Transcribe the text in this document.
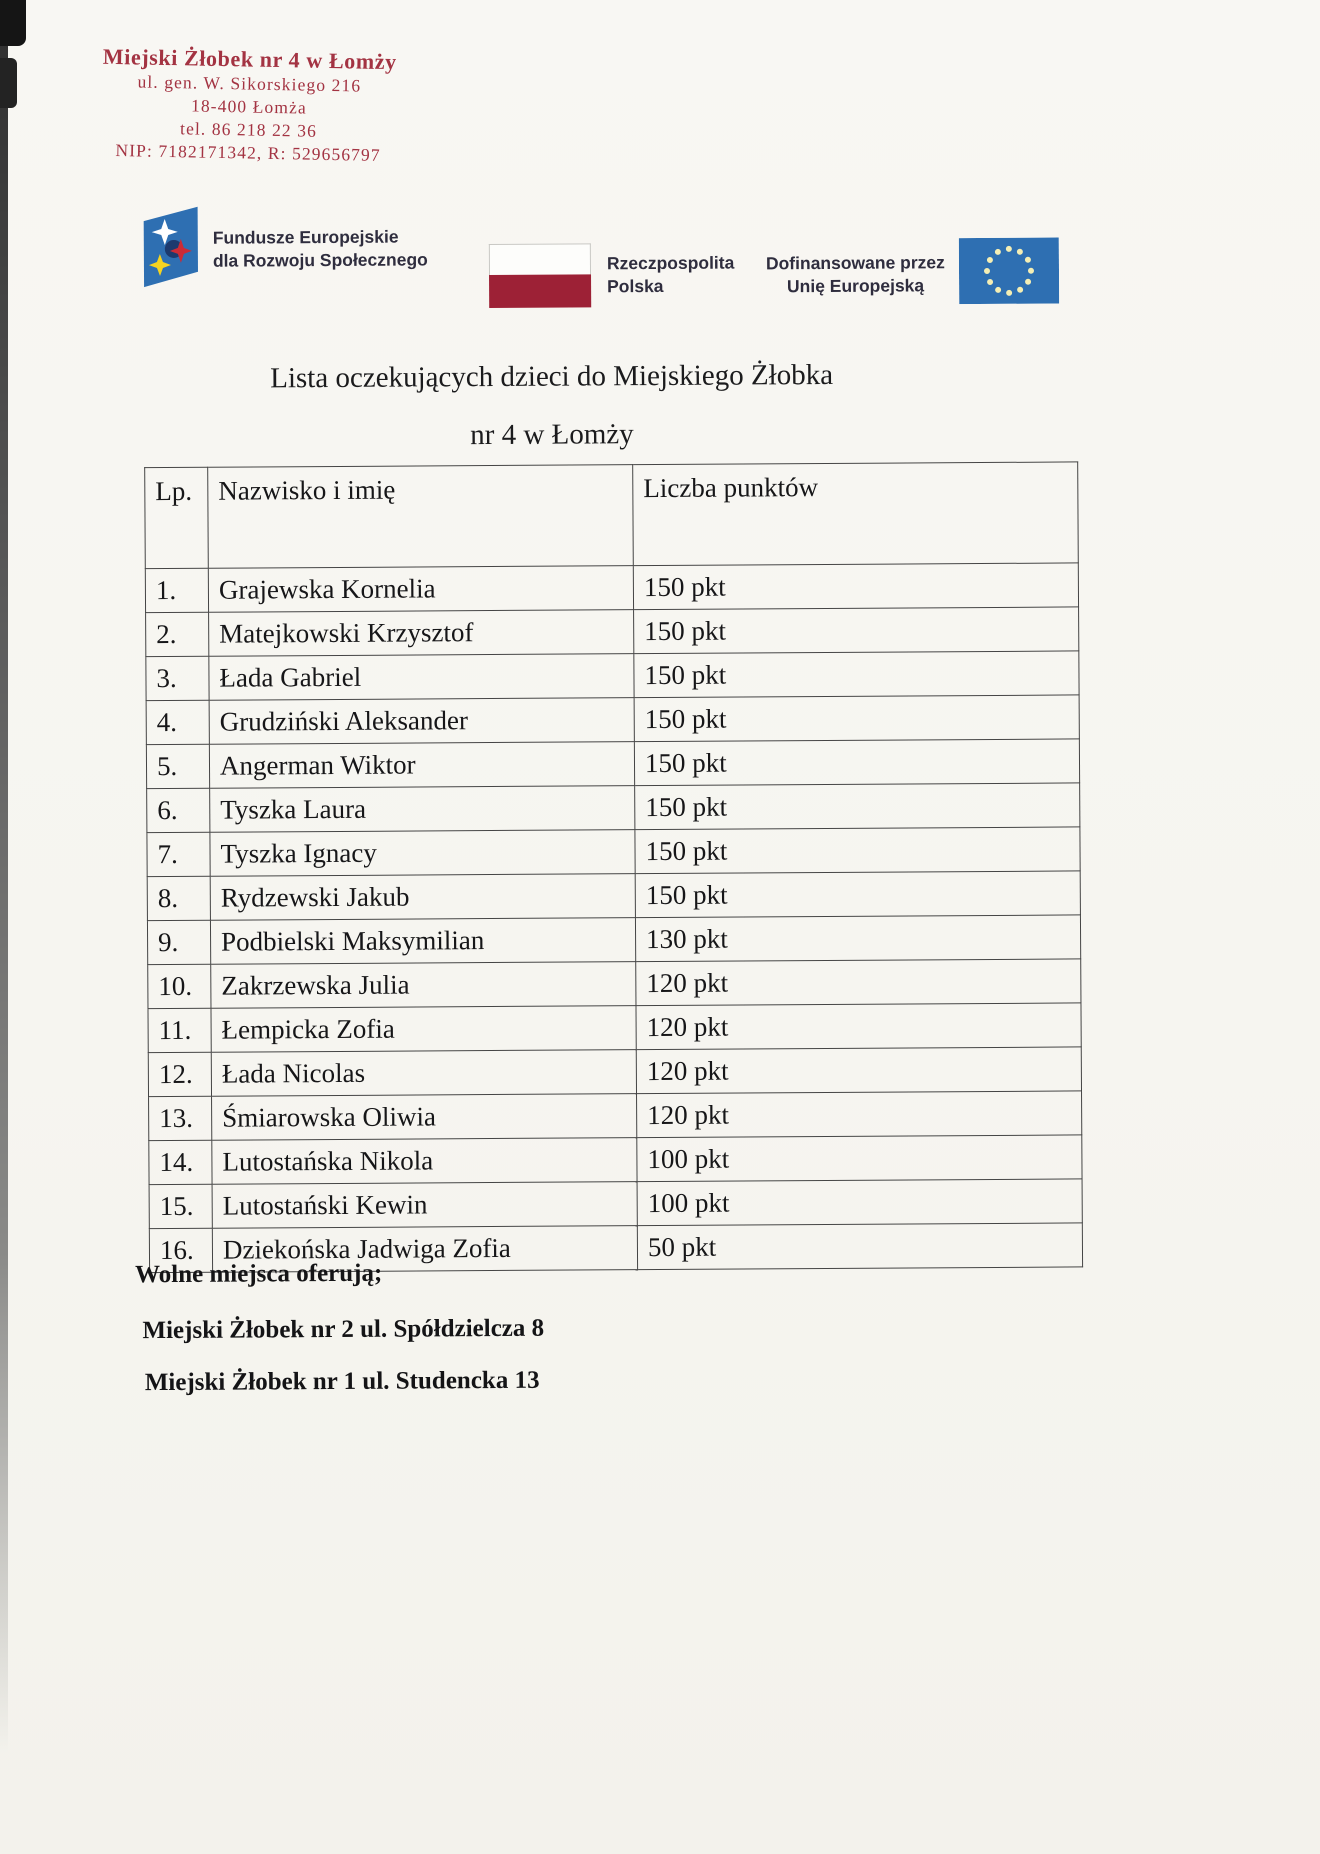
Miejski Żłobek nr 4 w Łomży
ul. gen. W. Sikorskiego 216
18-400 Łomża
tel. 86 218 22 36
NIP: 7182171342, R: 529656797
Fundusze Europejskie
dla Rozwoju Społecznego	Rzeczpospolita
Polska
Dofinansowane przez
Unię Europejską
Lista oczekujących dzieci do Miejskiego Żłobka
nr 4 w Łomży
Lp.	Nazwisko i imię	Liczba punktów
1.	Grajewska Kornelia	150 pkt
2.	Matejkowski Krzysztof	150 pkt
3.	Łada Gabriel	150 pkt
4.	Grudziński Aleksander	150 pkt
5.	Angerman Wiktor	150 pkt
6.	Tyszka Laura	150 pkt
7.	Tyszka Ignacy	150 pkt
8.	Rydzewski Jakub	150 pkt
9.	Podbielski Maksymilian	130 pkt
10.	Zakrzewska Julia	120 pkt
11.	Łempicka Zofia	120 pkt
12.	Łada Nicolas	120 pkt
13.	Śmiarowska Oliwia	120 pkt
14.	Lutostańska Nikola	100 pkt
15.	Lutostański Kewin	100 pkt
16.	Dziekońska Jadwiga Zofia	50 pkt
Wolne miejsca oferują;
Miejski Żłobek nr 2 ul. Spółdzielcza 8
Miejski Żłobek nr 1 ul. Studencka 13
